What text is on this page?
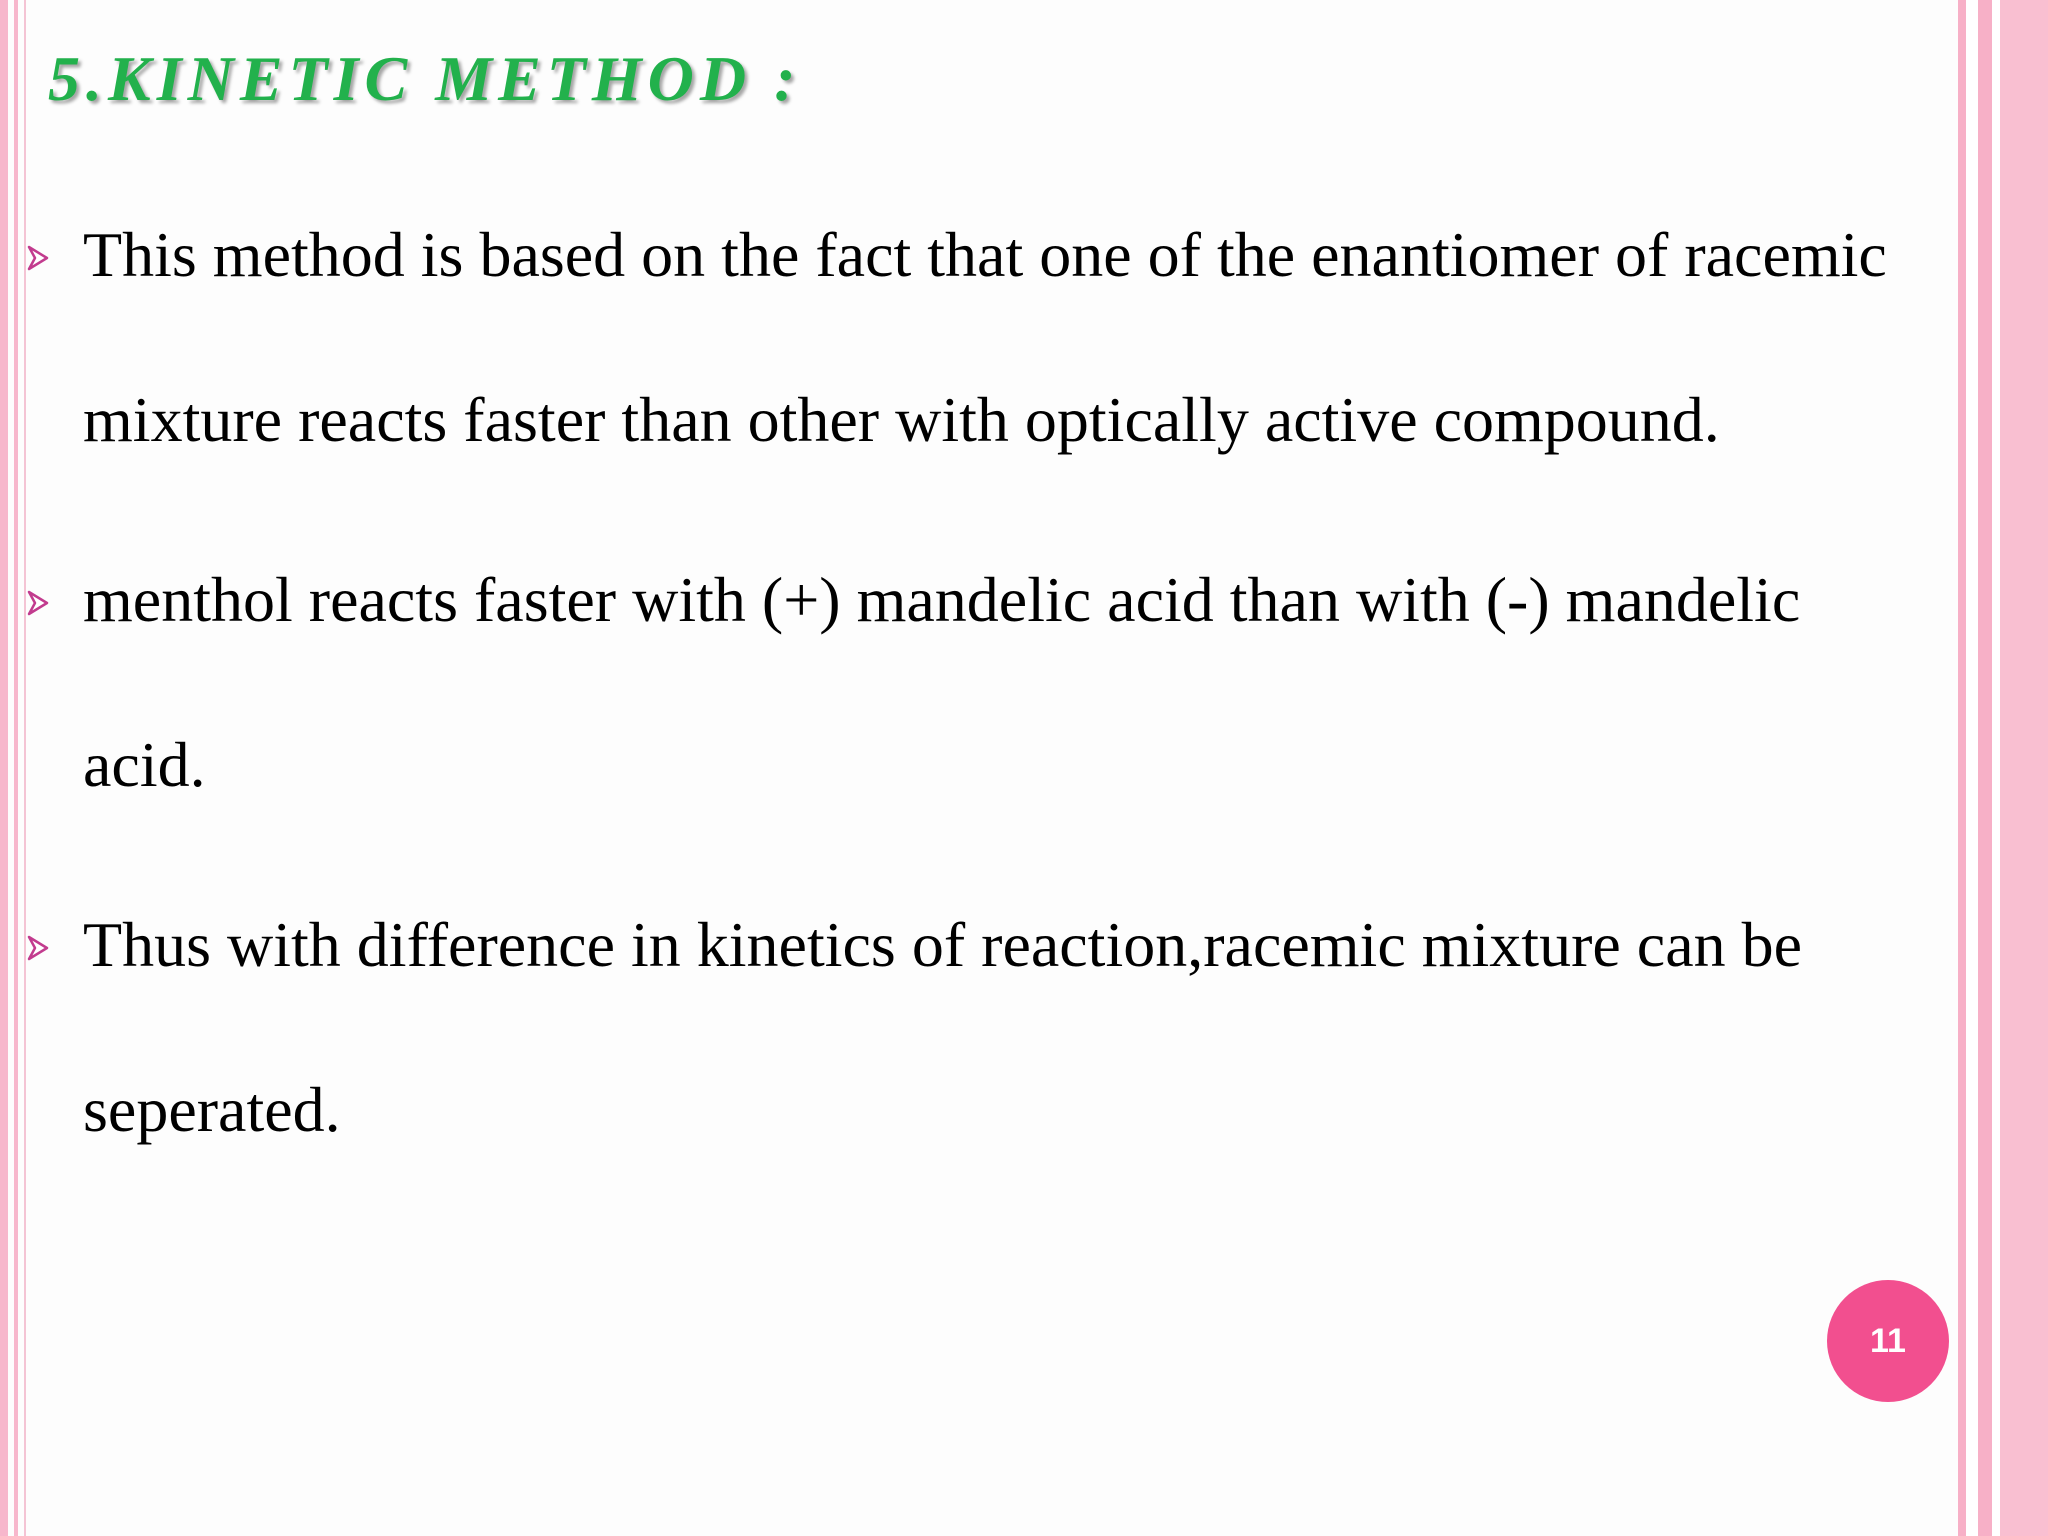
5.KINETIC METHOD :
This method is based on the fact that one of the enantiomer of racemic
mixture reacts faster than other with optically active compound.
menthol reacts faster with (+) mandelic acid than with (-) mandelic
acid.
Thus with difference in kinetics of reaction,racemic mixture can be
seperated.
11
